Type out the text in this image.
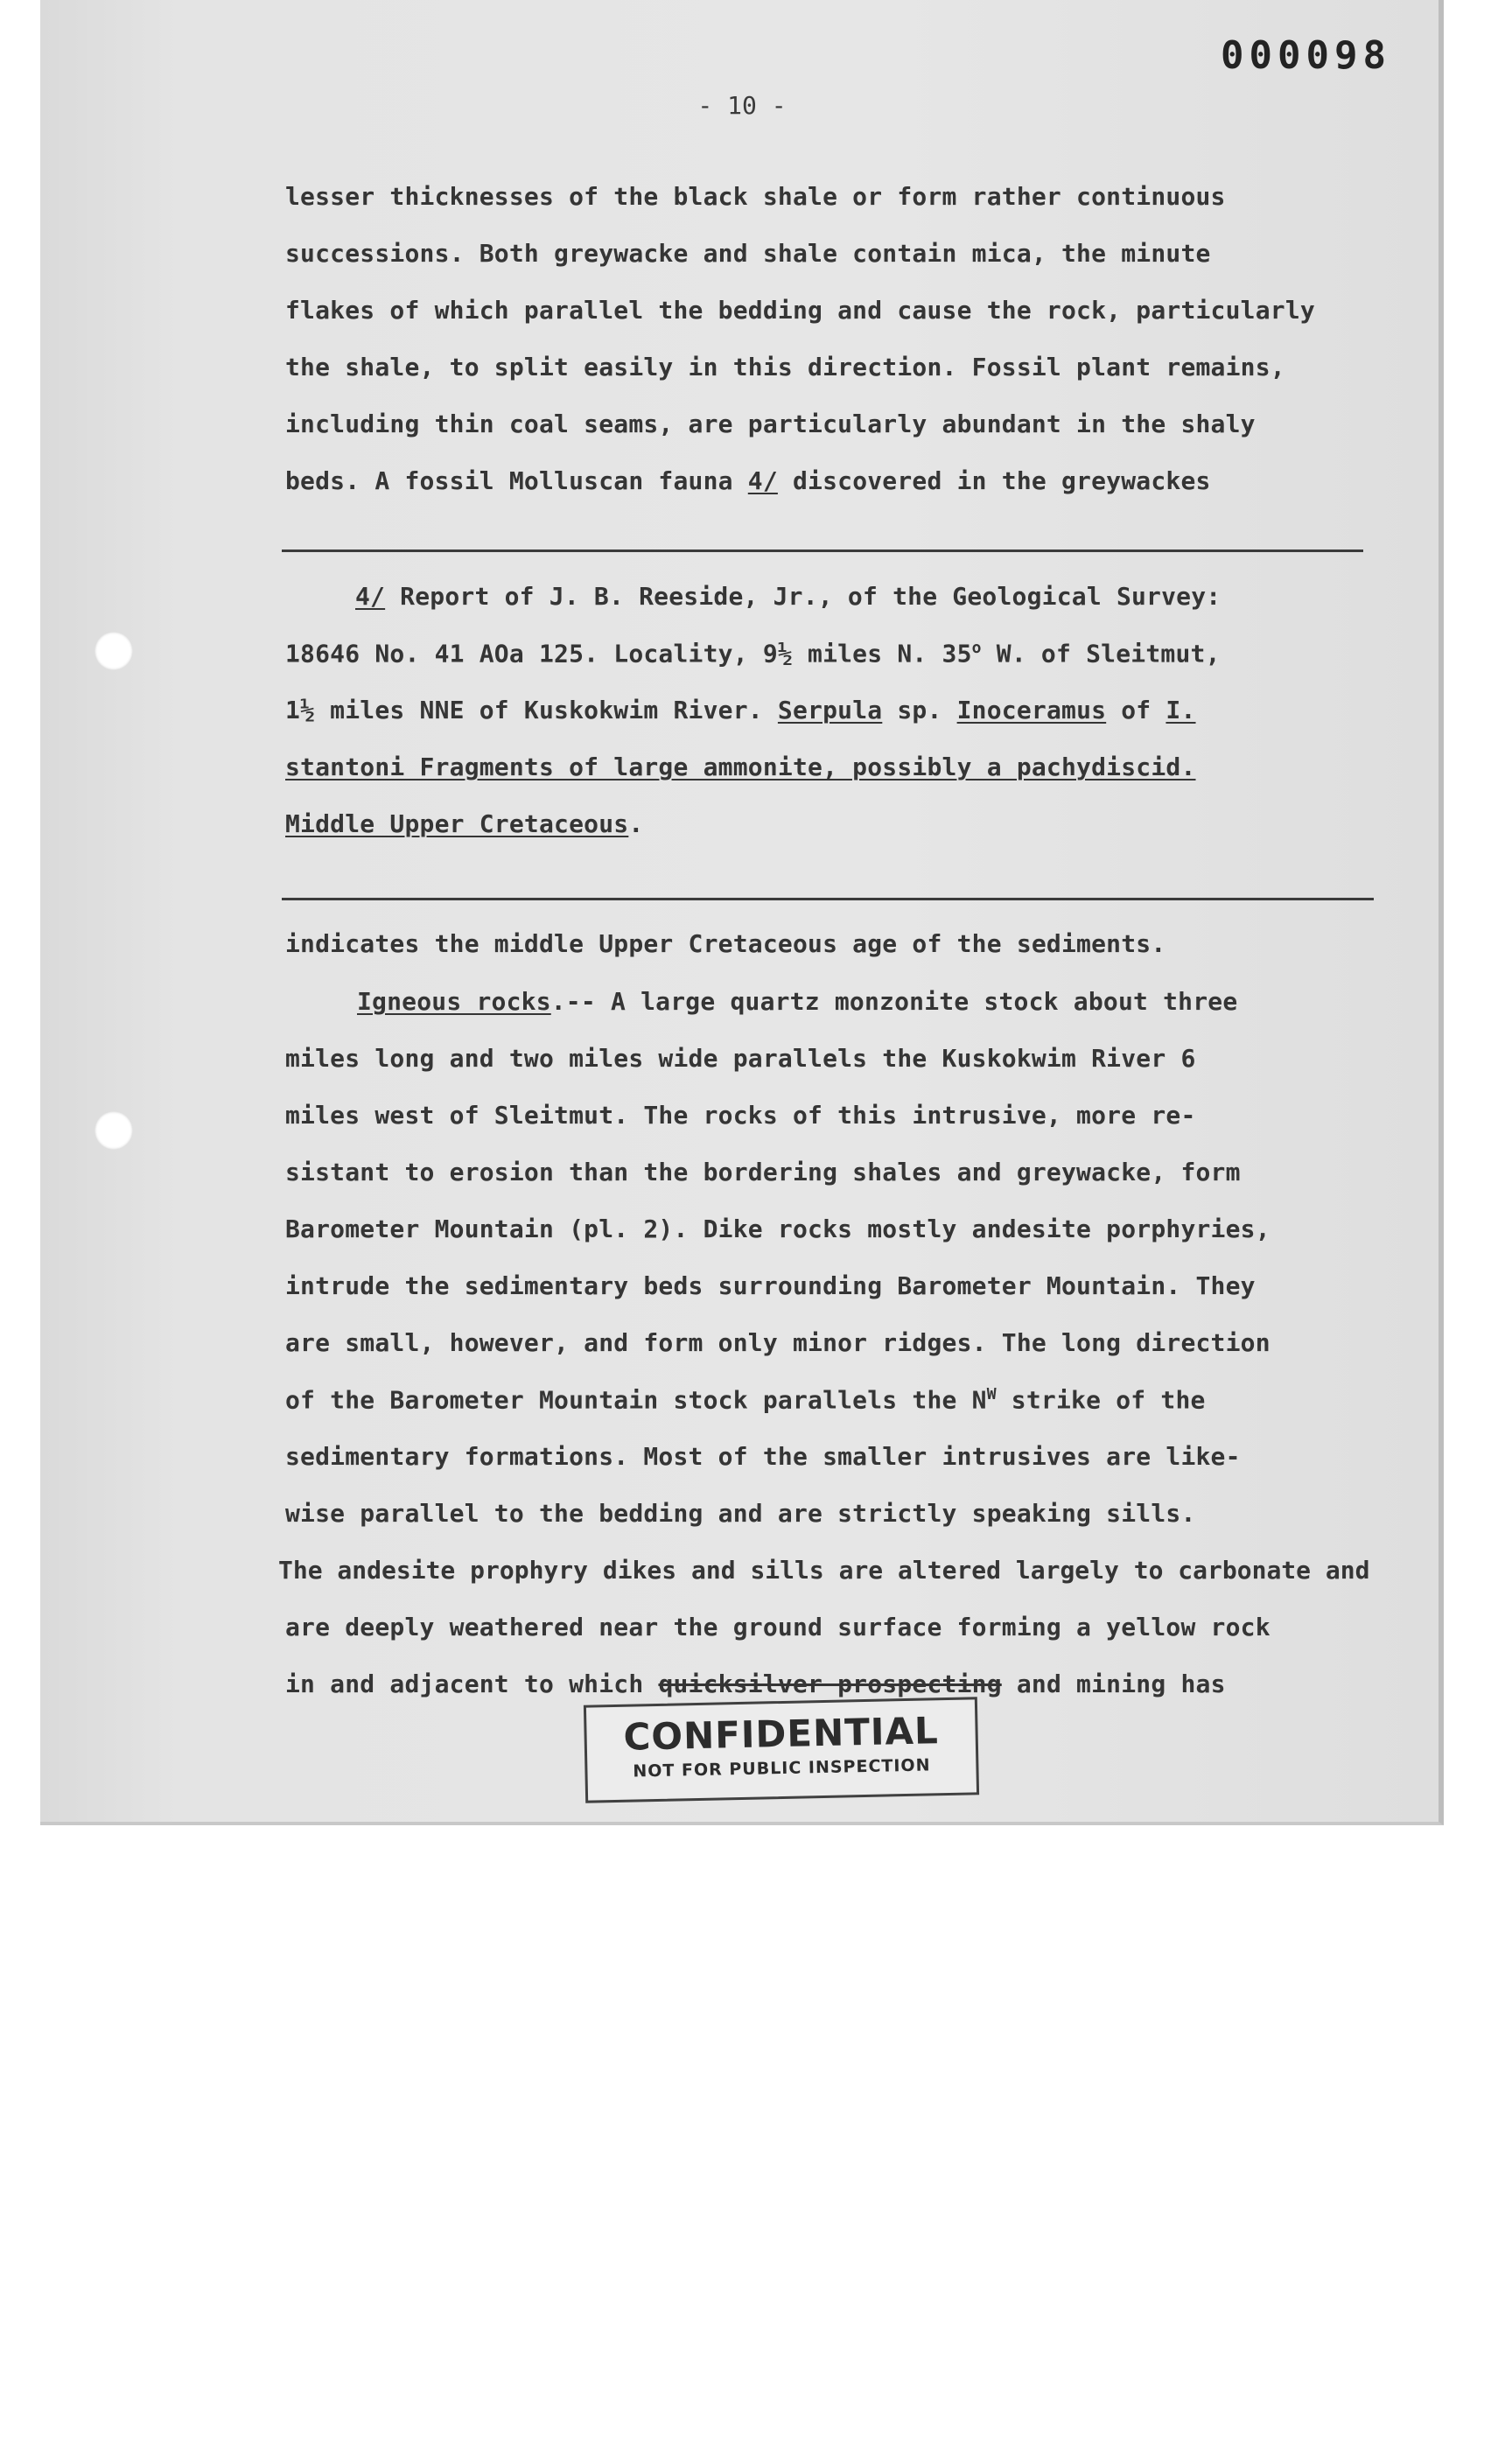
000098
- 10 -
lesser thicknesses of the black shale or form rather continuous
successions. Both greywacke and shale contain mica, the minute
flakes of which parallel the bedding and cause the rock, particularly
the shale, to split easily in this direction. Fossil plant remains,
including thin coal seams, are particularly abundant in the shaly
beds. A fossil Molluscan fauna 4/ discovered in the greywackes
4/ Report of J. B. Reeside, Jr., of the Geological Survey:
18646 No. 41 AOa 125. Locality, 9½ miles N. 35$^o$ W. of Sleitmut,
1½ miles NNE of Kuskokwim River. Serpula sp. Inoceramus of I.
stantoni Fragments of large ammonite, possibly a pachydiscid.
Middle Upper Cretaceous.
indicates the middle Upper Cretaceous age of the sediments.
Igneous rocks.-- A large quartz monzonite stock about three
miles long and two miles wide parallels the Kuskokwim River 6
miles west of Sleitmut. The rocks of this intrusive, more re-
sistant to erosion than the bordering shales and greywacke, form
Barometer Mountain (pl. 2). Dike rocks mostly andesite porphyries,
intrude the sedimentary beds surrounding Barometer Mountain. They
are small, however, and form only minor ridges. The long direction
of the Barometer Mountain stock parallels the $N^W$ strike of the
sedimentary formations. Most of the smaller intrusives are like-
wise parallel to the bedding and are strictly speaking sills.
The andesite prophyry dikes and sills are altered largely to carbonate and
are deeply weathered near the ground surface forming a yellow rock
in and adjacent to which quicksilver prospecting and mining has
CONFIDENTIAL
NOT FOR PUBLIC INSPECTION
